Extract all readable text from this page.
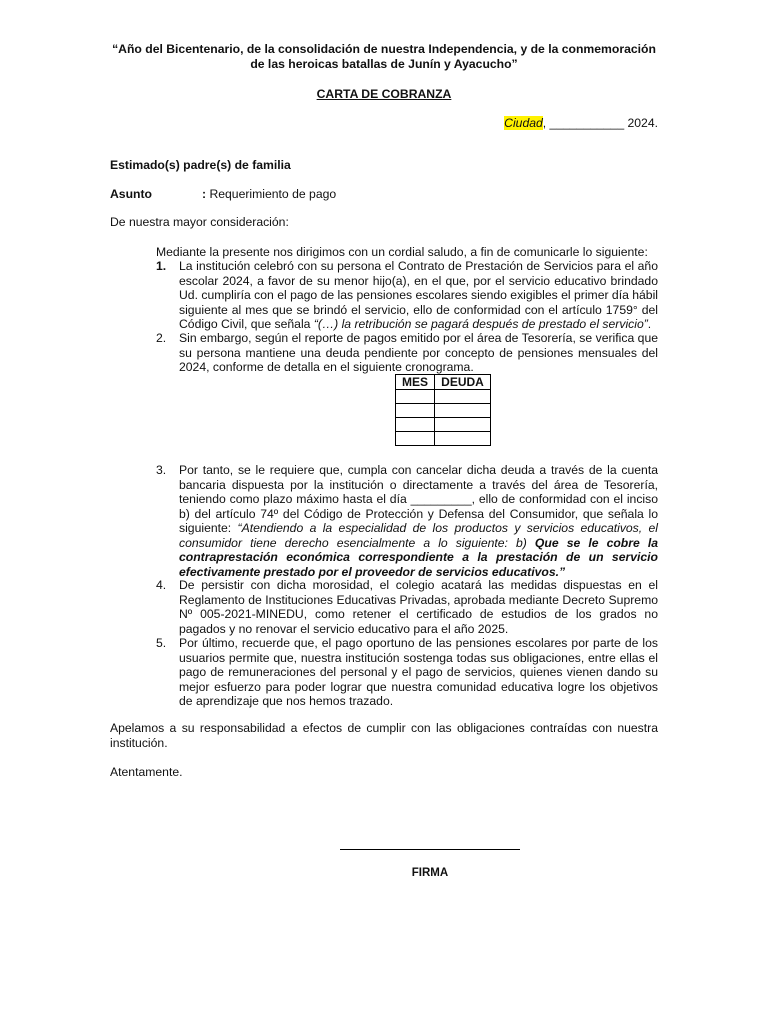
“Año del Bicentenario, de la consolidación de nuestra Independencia, y de la conmemoración de las heroicas batallas de Junín y Ayacucho”
CARTA DE COBRANZA
Ciudad, ___________ 2024.
Estimado(s) padre(s) de familia
Asunto	: Requerimiento de pago
De nuestra mayor consideración:
Mediante la presente nos dirigimos con un cordial saludo, a fin de comunicarle lo siguiente:
1.	La institución celebró con su persona el Contrato de Prestación de Servicios para el año escolar 2024, a favor de su menor hijo(a), en el que, por el servicio educativo brindado Ud. cumpliría con el pago de las pensiones escolares siendo exigibles el primer día hábil siguiente al mes que se brindó el servicio, ello de conformidad con el artículo 1759° del Código Civil, que señala “(…) la retribución se pagará después de prestado el servicio”.
2.	Sin embargo, según el reporte de pagos emitido por el área de Tesorería, se verifica que su persona mantiene una deuda pendiente por concepto de pensiones mensuales del 2024, conforme de detalla en el siguiente cronograma.
MES	DEUDA

3.	Por tanto, se le requiere que, cumpla con cancelar dicha deuda a través de la cuenta bancaria dispuesta por la institución o directamente a través del área de Tesorería, teniendo como plazo máximo hasta el día _________, ello de conformidad con el inciso b) del artículo 74º del Código de Protección y Defensa del Consumidor, que señala lo siguiente: “Atendiendo a la especialidad de los productos y servicios educativos, el consumidor tiene derecho esencialmente a lo siguiente: b) Que se le cobre la contraprestación económica correspondiente a la prestación de un servicio efectivamente prestado por el proveedor de servicios educativos.”
4.	De persistir con dicha morosidad, el colegio acatará las medidas dispuestas en el Reglamento de Instituciones Educativas Privadas, aprobada mediante Decreto Supremo Nº 005-2021-MINEDU, como retener el certificado de estudios de los grados no pagados y no renovar el servicio educativo para el año 2025.
5.	Por último, recuerde que, el pago oportuno de las pensiones escolares por parte de los usuarios permite que, nuestra institución sostenga todas sus obligaciones, entre ellas el pago de remuneraciones del personal y el pago de servicios, quienes vienen dando su mejor esfuerzo para poder lograr que nuestra comunidad educativa logre los objetivos de aprendizaje que nos hemos trazado.
Apelamos a su responsabilidad a efectos de cumplir con las obligaciones contraídas con nuestra institución.
Atentamente.
FIRMA
